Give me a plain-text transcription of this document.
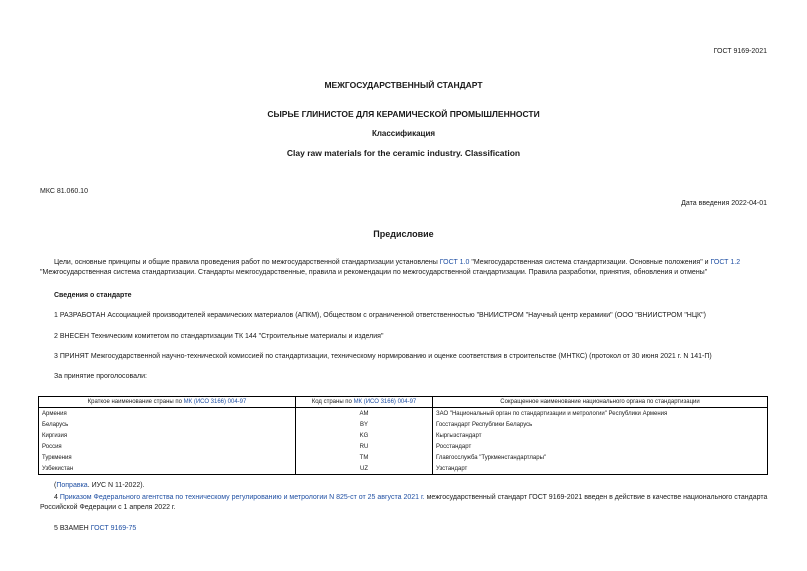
ГОСТ 9169-2021
МЕЖГОСУДАРСТВЕННЫЙ СТАНДАРТ
СЫРЬЕ ГЛИНИСТОЕ ДЛЯ КЕРАМИЧЕСКОЙ ПРОМЫШЛЕННОСТИ
Классификация
Clay raw materials for the ceramic industry. Classification
МКС 81.060.10
Дата введения 2022-04-01
Предисловие
Цели, основные принципы и общие правила проведения работ по межгосударственной стандартизации установлены ГОСТ 1.0 "Межгосударственная система стандартизации. Основные положения" и ГОСТ 1.2 "Межгосударственная система стандартизации. Стандарты межгосударственные, правила и рекомендации по межгосударственной стандартизации. Правила разработки, принятия, обновления и отмены"
Сведения о стандарте
1 РАЗРАБОТАН Ассоциацией производителей керамических материалов (АПКМ), Обществом с ограниченной ответственностью "ВНИИСТРОМ "Научный центр керамики" (ООО "ВНИИСТРОМ "НЦК")
2 ВНЕСЕН Техническим комитетом по стандартизации ТК 144 "Строительные материалы и изделия"
3 ПРИНЯТ Межгосударственной научно-технической комиссией по стандартизации, техническому нормированию и оценке соответствия в строительстве (МНТКС) (протокол от 30 июня 2021 г. N 141-П)
За принятие проголосовали:
Краткое наименование страны по МК (ИСО 3166) 004-97	Код страны по МК (ИСО 3166) 004-97	Сокращенное наименование национального органа по стандартизации
Армения	AM	ЗАО "Национальный орган по стандартизации и метрологии" Республики Армения
Беларусь	BY	Госстандарт Республики Беларусь
Киргизия	KG	Кыргызстандарт
Россия	RU	Росстандарт
Туркмения	TM	Главгосслужба "Туркменстандартлары"
Узбекистан	UZ	Узстандарт
(Поправка. ИУС N 11-2022).
4 Приказом Федерального агентства по техническому регулированию и метрологии N 825-ст от 25 августа 2021 г. межгосударственный стандарт ГОСТ 9169-2021 введен в действие в качестве национального стандарта Российской Федерации с 1 апреля 2022 г.
5 ВЗАМЕН ГОСТ 9169-75
